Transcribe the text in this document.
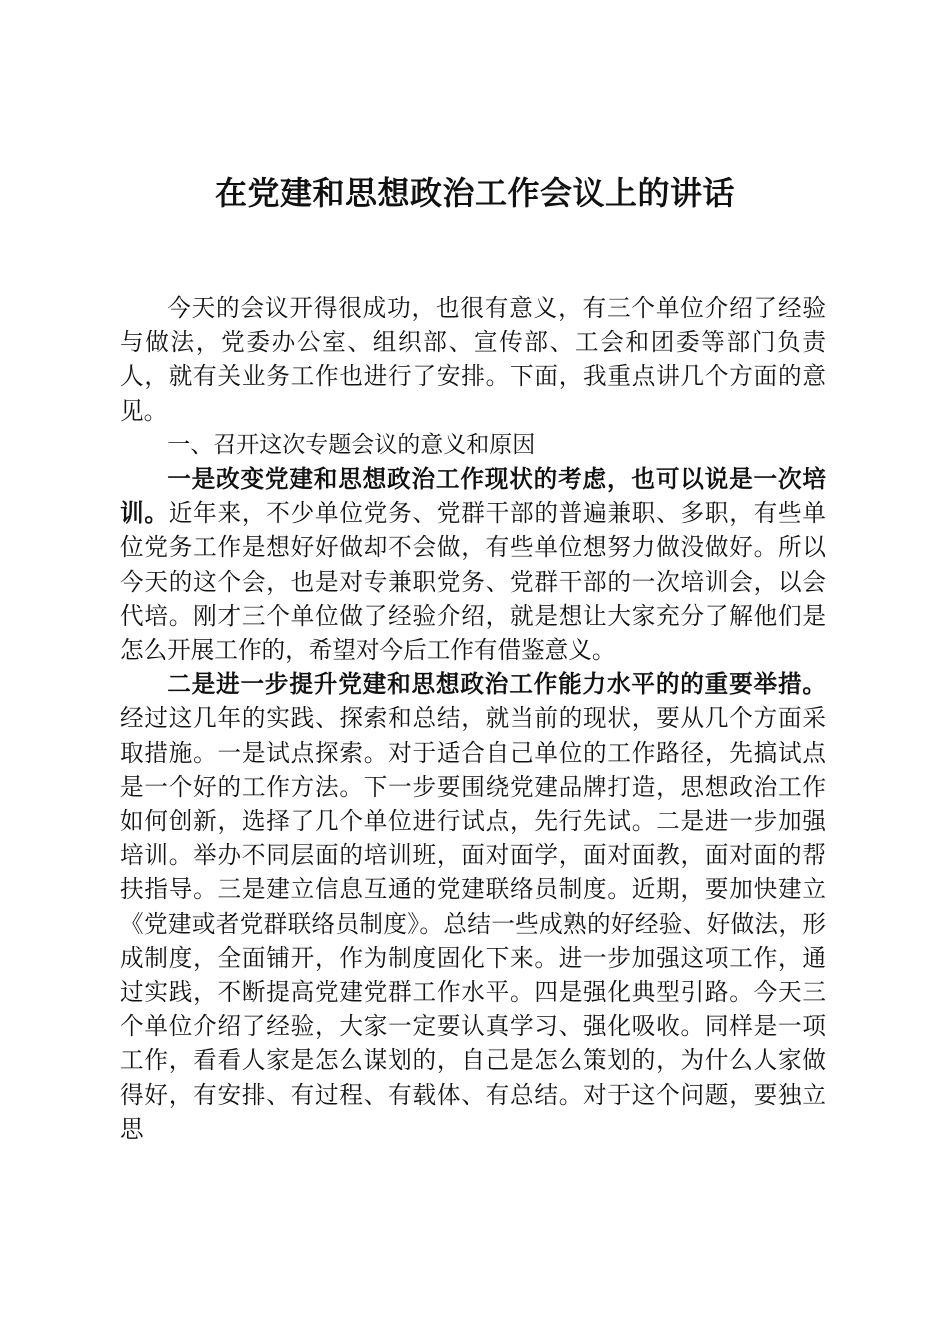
在党建和思想政治工作会议上的讲话

今天的会议开得很成功，也很有意义，有三个单位介绍了经验与做法，党委办公室、组织部、宣传部、工会和团委等部门负责人，就有关业务工作也进行了安排。下面，我重点讲几个方面的意见。

一、召开这次专题会议的意义和原因

一是改变党建和思想政治工作现状的考虑，也可以说是一次培训。近年来，不少单位党务、党群干部的普遍兼职、多职，有些单位党务工作是想好好做却不会做，有些单位想努力做没做好。所以今天的这个会，也是对专兼职党务、党群干部的一次培训会，以会代培。刚才三个单位做了经验介绍，就是想让大家充分了解他们是怎么开展工作的，希望对今后工作有借鉴意义。

二是进一步提升党建和思想政治工作能力水平的的重要举措。经过这几年的实践、探索和总结，就当前的现状，要从几个方面采取措施。一是试点探索。对于适合自己单位的工作路径，先搞试点是一个好的工作方法。下一步要围绕党建品牌打造，思想政治工作如何创新，选择了几个单位进行试点，先行先试。二是进一步加强培训。举办不同层面的培训班，面对面学，面对面教，面对面的帮扶指导。三是建立信息互通的党建联络员制度。近期，要加快建立《党建或者党群联络员制度》。总结一些成熟的好经验、好做法，形成制度，全面铺开，作为制度固化下来。进一步加强这项工作，通过实践，不断提高党建党群工作水平。四是强化典型引路。今天三个单位介绍了经验，大家一定要认真学习、强化吸收。同样是一项工作，看看人家是怎么谋划的，自己是怎么策划的，为什么人家做得好，有安排、有过程、有载体、有总结。对于这个问题，要独立思
